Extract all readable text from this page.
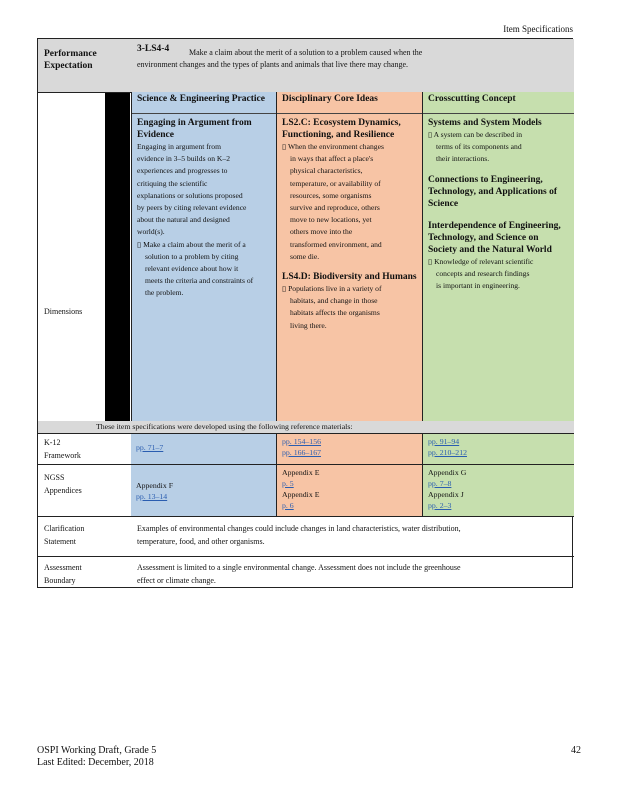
Item Specifications
Performance Expectation
3-LS4-4	Make a claim about the merit of a solution to a problem caused when the environment changes and the types of plants and animals that live there may change.
Dimensions
Science & Engineering Practice
Engaging in Argument from Evidence
Engaging in argument from evidence in 3–5 builds on K–2 experiences and progresses to critiquing the scientific explanations or solutions proposed by peers by citing relevant evidence about the natural and designed world(s).
▯ Make a claim about the merit of a solution to a problem by citing relevant evidence about how it meets the criteria and constraints of the problem.
Disciplinary Core Ideas
LS2.C: Ecosystem Dynamics, Functioning, and Resilience
▯ When the environment changes in ways that affect a place's physical characteristics, temperature, or availability of resources, some organisms survive and reproduce, others move to new locations, yet others move into the transformed environment, and some die.
LS4.D: Biodiversity and Humans
▯ Populations live in a variety of habitats, and change in those habitats affects the organisms living there.
Crosscutting Concept
Systems and System Models
▯ A system can be described in terms of its components and their interactions.
Connections to Engineering, Technology, and Applications of Science
Interdependence of Engineering, Technology, and Science on Society and the Natural World
▯ Knowledge of relevant scientific concepts and research findings is important in engineering.
These item specifications were developed using the following reference materials:
K-12 Framework
pp. 71–7
pp. 154–156
pp. 166–167
pp. 91–94
pp. 210–212
NGSS Appendices
Appendix F
pp. 13–14
Appendix E
p. 5
Appendix E
p. 6
Appendix G
pp. 7–8
Appendix J
pp. 2–3
Clarification Statement
Examples of environmental changes could include changes in land characteristics, water distribution, temperature, food, and other organisms.
Assessment Boundary
Assessment is limited to a single environmental change. Assessment does not include the greenhouse effect or climate change.
OSPI Working Draft, Grade 5
Last Edited: December, 2018
42
